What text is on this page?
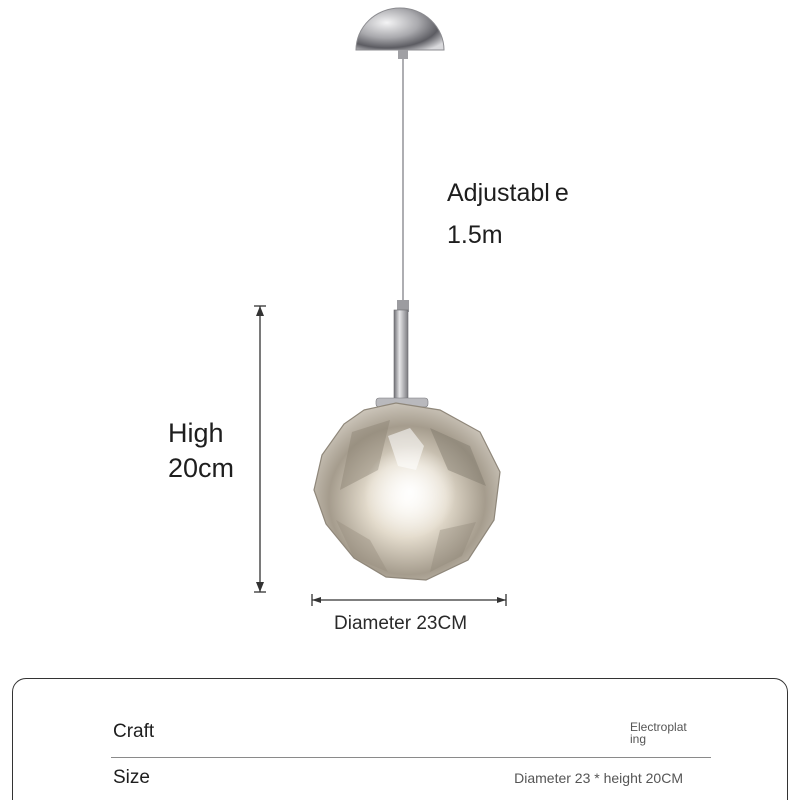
Adjustabl e
1.5m
High
20cm
Diameter 23CM
Craft	Electroplating
Size	Diameter 23 * height 20CM
